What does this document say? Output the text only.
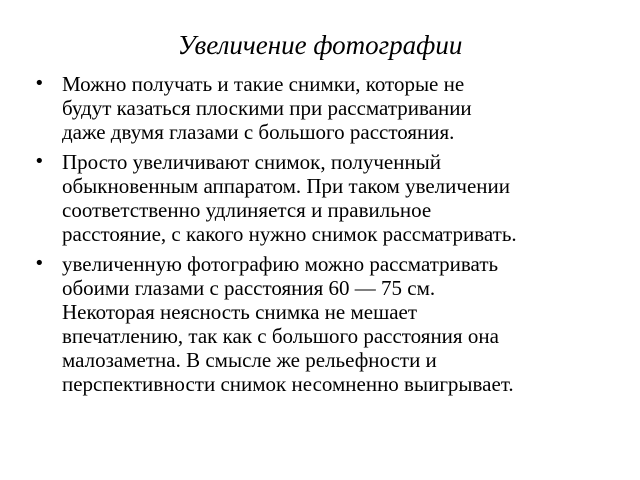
Увеличение фотографии
• Можно получать и такие снимки, которые не
будут казаться плоскими при рассматривании
даже двумя глазами с большого расстояния.
• Просто увеличивают снимок, полученный
обыкновенным аппаратом. При таком увеличении
соответственно удлиняется и правильное
расстояние, с какого нужно снимок рассматривать.
• увеличенную фотографию можно рассматривать
обоими глазами с расстояния 60 — 75 см.
Некоторая неясность снимка не мешает
впечатлению, так как с большого расстояния она
малозаметна. В смысле же рельефности и
перспективности снимок несомненно выигрывает.
